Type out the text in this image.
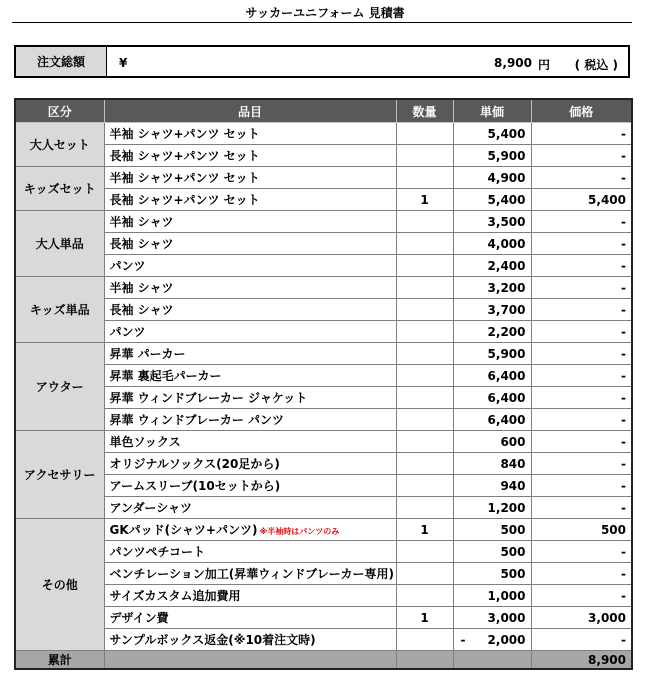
サッカーユニフォーム 見積書
注文総額	¥	8,900 円 ( 税込 )
区分	品目	数量	単価	価格
大人セット	半袖 シャツ+パンツ セット		5,400	-
	長袖 シャツ+パンツ セット		5,900	-
キッズセット	半袖 シャツ+パンツ セット		4,900	-
	長袖 シャツ+パンツ セット	1	5,400	5,400
大人単品	半袖 シャツ		3,500	-
	長袖 シャツ		4,000	-
	パンツ		2,400	-
キッズ単品	半袖 シャツ		3,200	-
	長袖 シャツ		3,700	-
	パンツ		2,200	-
アウター	昇華 パーカー		5,900	-
	昇華 裏起毛パーカー		6,400	-
	昇華 ウィンドブレーカー ジャケット		6,400	-
	昇華 ウィンドブレーカー パンツ		6,400	-
アクセサリー	単色ソックス		600	-
	オリジナルソックス(20足から)		840	-
	アームスリーブ(10セットから)		940	-
	アンダーシャツ		1,200	-
その他	GKパッド(シャツ+パンツ) ※半袖時はパンツのみ	1	500	500
	パンツペチコート		500	-
	ベンチレーション加工(昇華ウィンドブレーカー専用)		500	-
	サイズカスタム追加費用		1,000	-
	デザイン費	1	3,000	3,000
	サンプルボックス返金(※10着注文時)		- 2,000	-
累計				8,900
